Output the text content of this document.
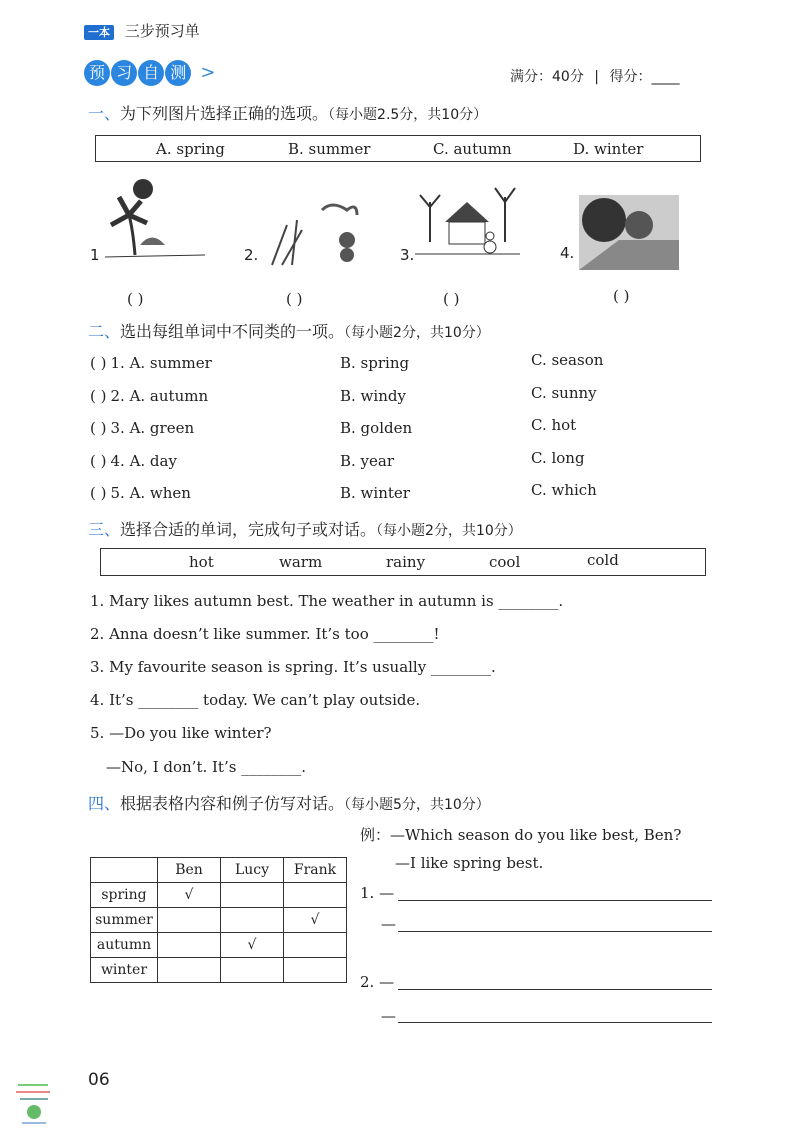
一本 三步预习单
预 习 自 测 >	满分：40分 | 得分：____
一、为下列图片选择正确的选项。（每小题2.5分，共10分）
A. spring	B. summer	C. autumn	D. winter
1	2.	3.	4.
( )	( )	( )	( )
二、选出每组单词中不同类的一项。（每小题2分，共10分）
( ) 1. A. summer	B. spring	C. season
( ) 2. A. autumn	B. windy	C. sunny
( ) 3. A. green	B. golden	C. hot
( ) 4. A. day	B. year	C. long
( ) 5. A. when	B. winter	C. which
三、选择合适的单词，完成句子或对话。（每小题2分，共10分）
hot	warm	rainy	cool	cold
1. Mary likes autumn best. The weather in autumn is ________.
2. Anna doesn’t like summer. It’s too ________!
3. My favourite season is spring. It’s usually ________.
4. It’s ________ today. We can’t play outside.
5. —Do you like winter?
—No, I don’t. It’s ________.
四、根据表格内容和例子仿写对话。（每小题5分，共10分）
例：—Which season do you like best, Ben?
—I like spring best.
	Ben	Lucy	Frank
spring	√		
summer			√
autumn		√	
winter			
1. —
—
2. —
—
06
